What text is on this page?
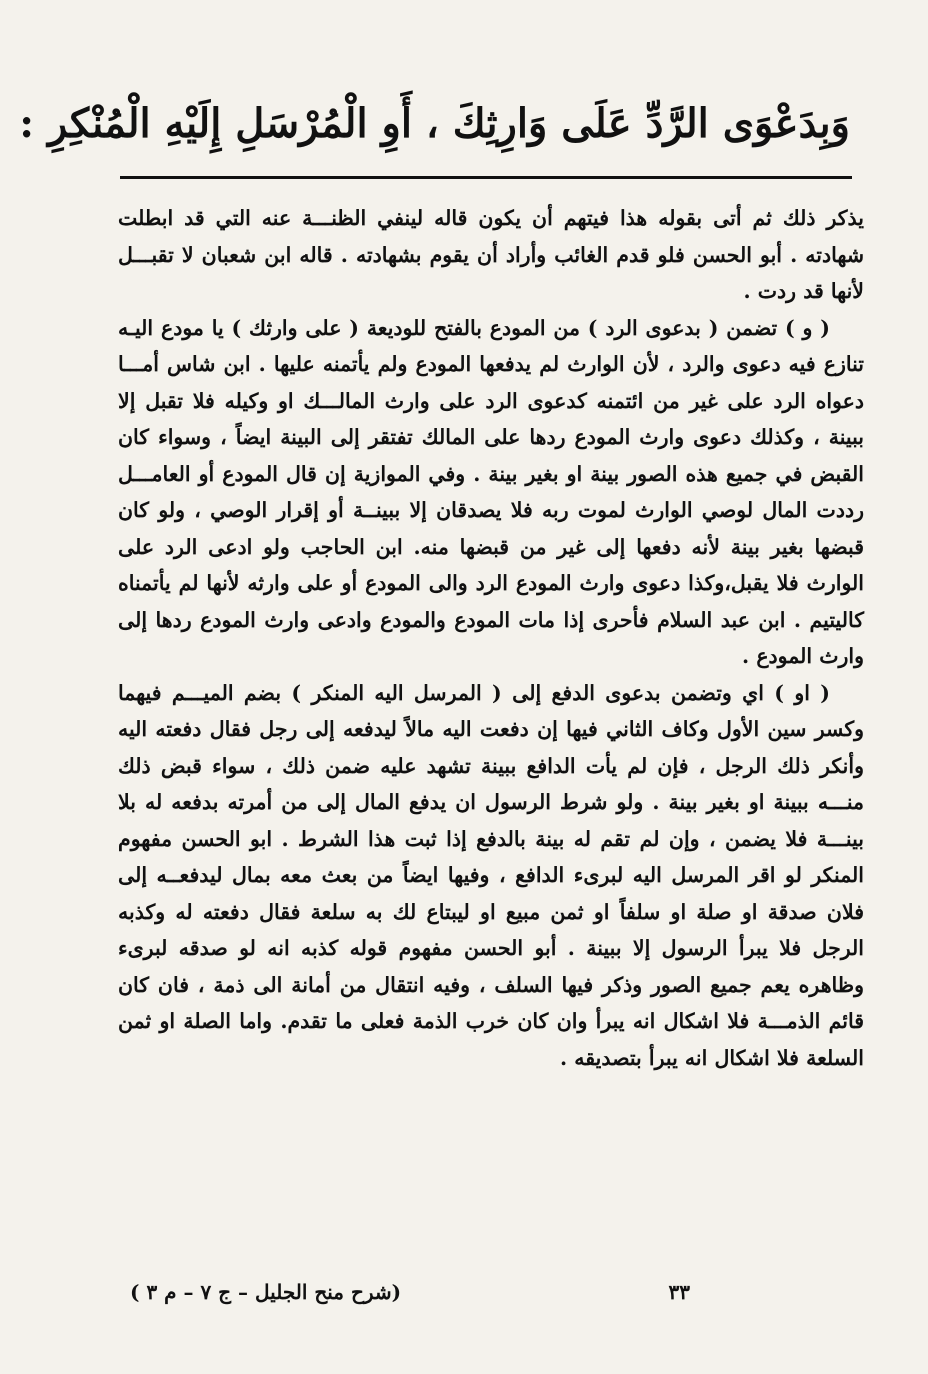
وَبِدَعْوَى الرَّدِّ عَلَى وَارِثِكَ ، أَوِ الْمُرْسَلِ إِلَيْهِ الْمُنْكِرِ :

يذكر ذلك ثم أتى بقوله هذا فيتهم أن يكون قاله لينفي الظنـــة عنه التي قد ابطلت شهادته . أبو الحسن فلو قدم الغائب وأراد أن يقوم بشهادته . قاله ابن شعبان لا تقبـــل لأنها قد ردت .

( و ) تضمن ( بدعوى الرد ) من المودع بالفتح للوديعة ( على وارثك ) يا مودع اليـه تنازع فيه دعوى والرد ، لأن الوارث لم يدفعها المودع ولم يأتمنه عليها . ابن شاس أمـــا دعواه الرد على غير من ائتمنه كدعوى الرد على وارث المالـــك او وكيله فلا تقبل إلا ببينة ، وكذلك دعوى وارث المودع ردها على المالك تفتقر إلى البينة ايضاً ، وسواء كان القبض في جميع هذه الصور بينة او بغير بينة . وفي الموازية إن قال المودع أو العامـــل رددت المال لوصي الوارث لموت ربه فلا يصدقان إلا ببينــة أو إقرار الوصي ، ولو كان قبضها بغير بينة لأنه دفعها إلى غير من قبضها منه. ابن الحاجب ولو ادعى الرد على الوارث فلا يقبل،وكذا دعوى وارث المودع الرد والى المودع أو على وارثه لأنها لم يأتمناه كاليتيم . ابن عبد السلام فأحرى إذا مات المودع والمودع وادعى وارث المودع ردها إلى وارث المودع .

( او ) اي وتضمن بدعوى الدفع إلى ( المرسل اليه المنكر ) بضم الميـــم فيهما وكسر سين الأول وكاف الثاني فيها إن دفعت اليه مالاً ليدفعه إلى رجل فقال دفعته اليه وأنكر ذلك الرجل ، فإن لم يأت الدافع ببينة تشهد عليه ضمن ذلك ، سواء قبض ذلك منـــه ببينة او بغير بينة . ولو شرط الرسول ان يدفع المال إلى من أمرته بدفعه له بلا بينـــة فلا يضمن ، وإن لم تقم له بينة بالدفع إذا ثبت هذا الشرط . ابو الحسن مفهوم المنكر لو اقر المرسل اليه لبرىء الدافع ، وفيها ايضاً من بعث معه بمال ليدفعــه إلى فلان صدقة او صلة او سلفاً او ثمن مبيع او ليبتاع لك به سلعة فقال دفعته له وكذبه الرجل فلا يبرأ الرسول إلا ببينة . أبو الحسن مفهوم قوله كذبه انه لو صدقه لبرىء وظاهره يعم جميع الصور وذكر فيها السلف ، وفيه انتقال من أمانة الى ذمة ، فان كان قائم الذمـــة فلا اشكال انه يبرأ وان كان خرب الذمة فعلى ما تقدم. واما الصلة او ثمن السلعة فلا اشكال انه يبرأ بتصديقه .

٣٣
(شرح منح الجليل – ج ٧ – م ٣ )
